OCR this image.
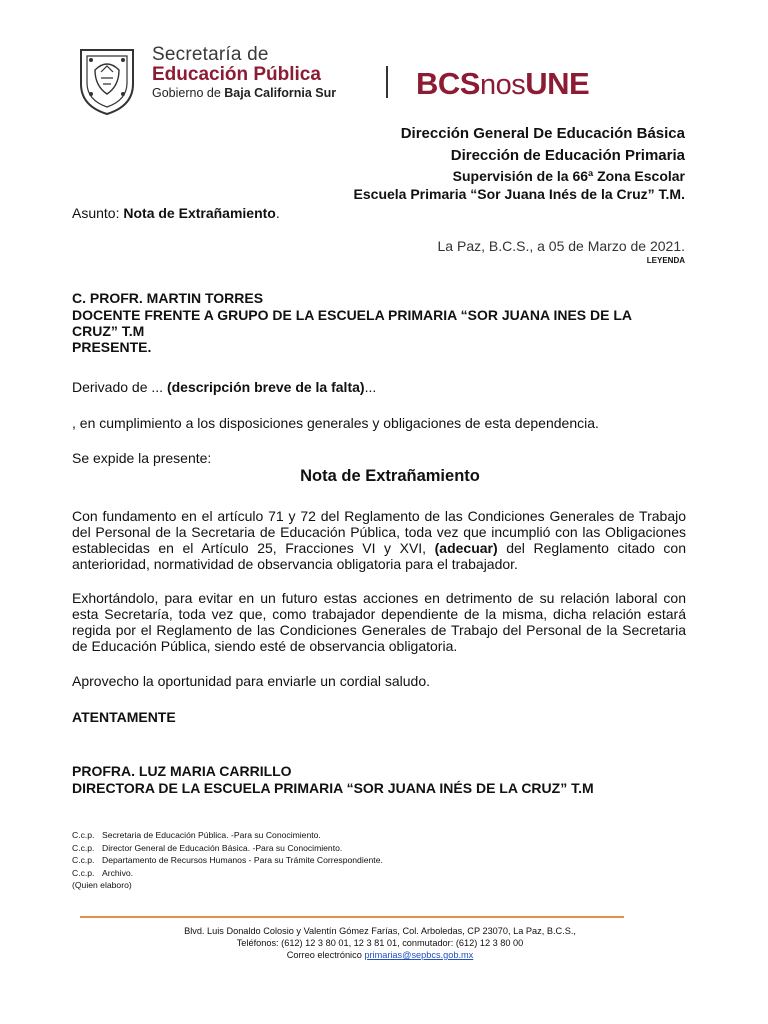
Secretaría de
Educación Pública
Gobierno de Baja California Sur	BCSnosUNE
Dirección General De Educación Básica
Dirección de Educación Primaria
Supervisión de la 66ª Zona Escolar
Escuela Primaria “Sor Juana Inés de la Cruz” T.M.
Asunto: Nota de Extrañamiento.
La Paz, B.C.S., a 05 de Marzo de 2021.
LEYENDA
C. PROFR. MARTIN TORRES
DOCENTE FRENTE A GRUPO DE LA ESCUELA PRIMARIA “SOR JUANA INES DE LA
CRUZ” T.M
PRESENTE.
Derivado de ... (descripción breve de la falta)...
, en cumplimiento a los disposiciones generales y obligaciones de esta dependencia.
Se expide la presente:
Nota de Extrañamiento
Con fundamento en el artículo 71 y 72 del Reglamento de las Condiciones Generales de Trabajo del Personal de la Secretaria de Educación Pública, toda vez que incumplió con las Obligaciones establecidas en el Artículo 25, Fracciones VI y XVI, (adecuar) del Reglamento citado con anterioridad, normatividad de observancia obligatoria para el trabajador.
Exhortándolo, para evitar en un futuro estas acciones en detrimento de su relación laboral con esta Secretaría, toda vez que, como trabajador dependiente de la misma, dicha relación estará regida por el Reglamento de las Condiciones Generales de Trabajo del Personal de la Secretaria de Educación Pública, siendo esté de observancia obligatoria.
Aprovecho la oportunidad para enviarle un cordial saludo.
ATENTAMENTE
PROFRA. LUZ MARIA CARRILLO
DIRECTORA DE LA ESCUELA PRIMARIA “SOR JUANA INÉS DE LA CRUZ” T.M
C.c.p. Secretaria de Educación Pública. -Para su Conocimiento.
C.c.p. Director General de Educación Básica. -Para su Conocimiento.
C.c.p. Departamento de Recursos Humanos - Para su Trámite Correspondiente.
C.c.p. Archivo.
(Quien elaboro)
Blvd. Luis Donaldo Colosio y Valentín Gómez Farías, Col. Arboledas, CP 23070, La Paz, B.C.S.,
Teléfonos: (612) 12 3 80 01, 12 3 81 01, conmutador: (612) 12 3 80 00
Correo electrónico primarias@sepbcs.gob.mx
